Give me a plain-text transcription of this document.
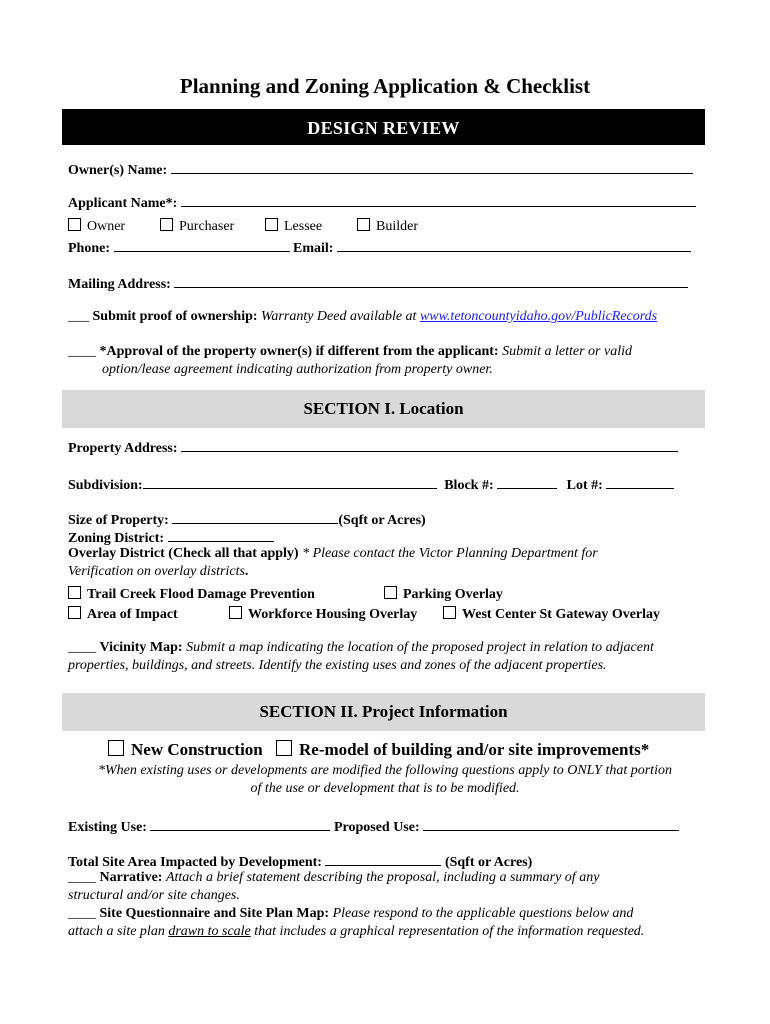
Planning and Zoning Application & Checklist
DESIGN REVIEW
Owner(s) Name:
Applicant Name*:
Owner	Purchaser	Lessee	Builder
Phone:	Email:
Mailing Address:
___ Submit proof of ownership: Warranty Deed available at www.tetoncountyidaho.gov/PublicRecords
____ *Approval of the property owner(s) if different from the applicant: Submit a letter or valid
option/lease agreement indicating authorization from property owner.
SECTION I. Location
Property Address:
Subdivision:	Block #:	Lot #:
Size of Property:	(Sqft or Acres)
Zoning District:
Overlay District (Check all that apply) * Please contact the Victor Planning Department for
Verification on overlay districts.
Trail Creek Flood Damage Prevention	Parking Overlay
Area of Impact	Workforce Housing Overlay	West Center St Gateway Overlay
____ Vicinity Map: Submit a map indicating the location of the proposed project in relation to adjacent
properties, buildings, and streets. Identify the existing uses and zones of the adjacent properties.
SECTION II. Project Information
New Construction	Re-model of building and/or site improvements*
*When existing uses or developments are modified the following questions apply to ONLY that portion
of the use or development that is to be modified.
Existing Use:	Proposed Use:
Total Site Area Impacted by Development:	(Sqft or Acres)
____ Narrative: Attach a brief statement describing the proposal, including a summary of any
structural and/or site changes.
____ Site Questionnaire and Site Plan Map: Please respond to the applicable questions below and
attach a site plan drawn to scale that includes a graphical representation of the information requested.
